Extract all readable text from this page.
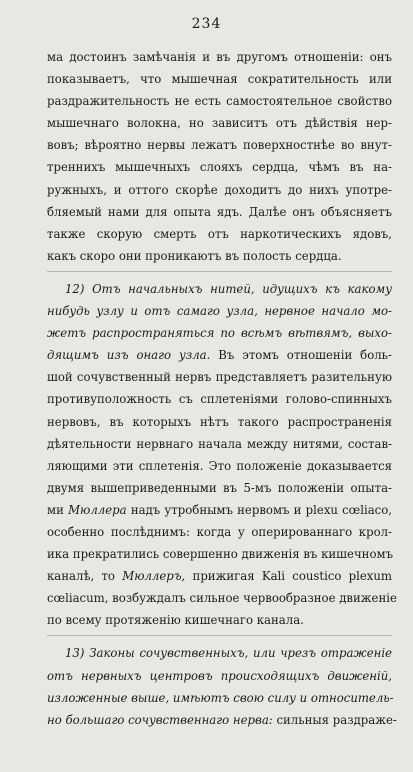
234
ма достоинъ замѣчанія и въ другомъ отношеніи: онъ
показываетъ, что мышечная сократительность или
раздражительность не есть самостоятельное свойство
мышечнаго волокна, но зависитъ отъ дѣйствія нер-
вовъ; вѣроятно нервы лежатъ поверхностнѣе во внут-
треннихъ мышечныхъ слояхъ сердца, чѣмъ въ на-
ружныхъ, и оттого скорѣе доходитъ до нихъ употре-
бляемый нами для опыта ядъ. Далѣе онъ объясняетъ
также скорую смерть отъ наркотическихъ ядовъ,
какъ скоро они проникаютъ въ полость сердца.
12) Отъ начальныхъ нитей, идущихъ къ какому
нибудь узлу и отъ самаго узла, нервное начало мо-
жетъ распространяться по всѣмъ вѣтвямъ, выхо-
дящимъ изъ онаго узла. Въ этомъ отношеніи боль-
шой сочувственный нервъ представляетъ разительную
противуположность съ сплетеніями голово-спинныхъ
нервовъ, въ которыхъ нѣтъ такого распространенія
дѣятельности нервнаго начала между нитями, состав-
ляющими эти сплетенія. Это положеніе доказывается
двумя вышеприведенными въ 5-мъ положеніи опыта-
ми Мюллера надъ утробнымъ нервомъ и plexu cœliaco,
особенно послѣднимъ: когда у оперированнаго крол-
ика прекратились совершенно движенія въ кишечномъ
каналѣ, то Мюллеръ, прижигая Kali coustico plexum
cœliacum, возбуждалъ сильное червообразное движеніе
по всему протяженію кишечнаго канала.
13) Законы сочувственныхъ, или чрезъ отраженіе
отъ нервныхъ центровъ происходящихъ движеній,
изложенные выше, имѣютъ свою силу и относитель-
но большаго сочувственнаго нерва: сильныя раздраже-
